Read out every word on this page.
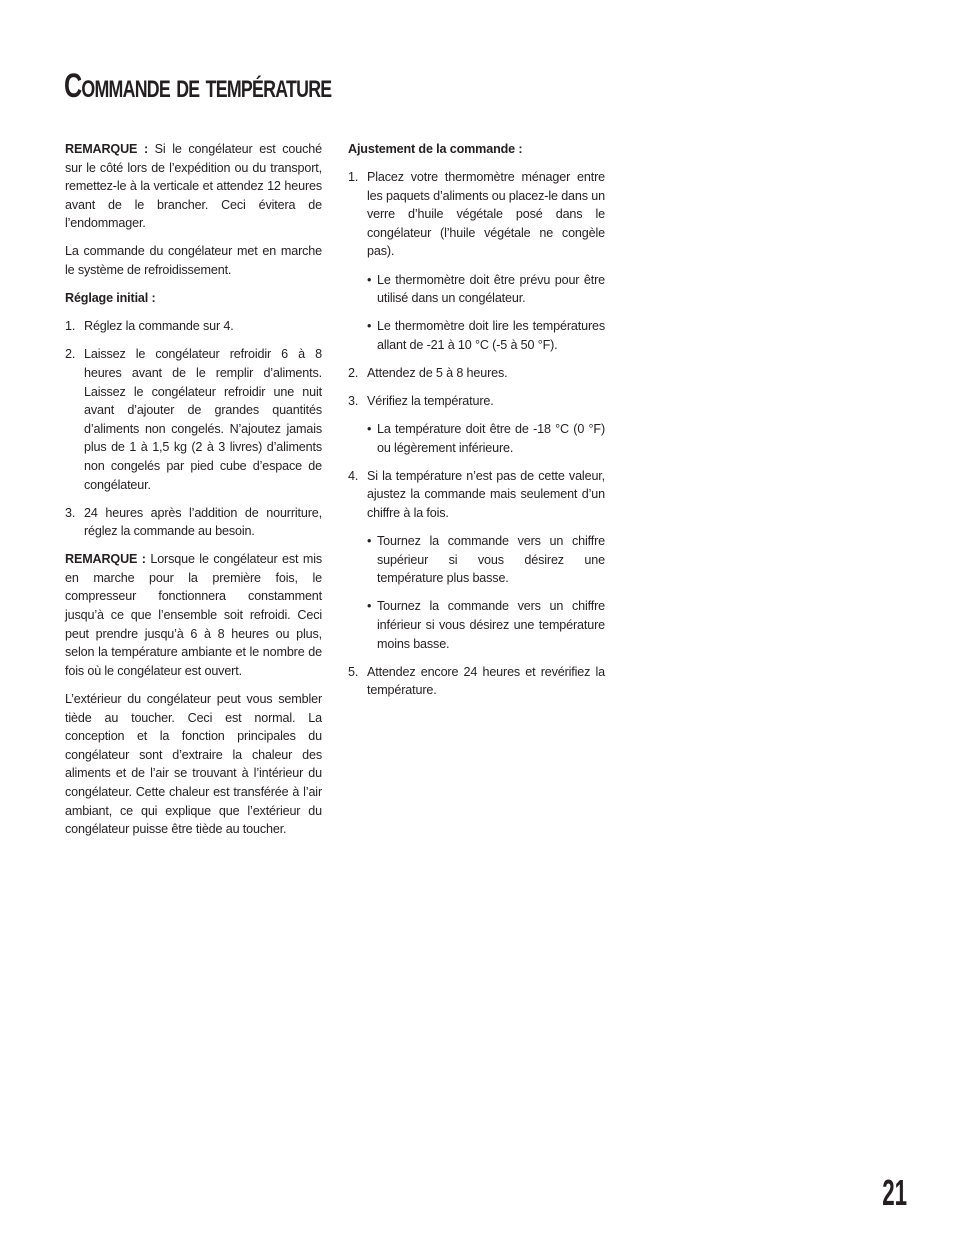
Commande de température

REMARQUE : Si le congélateur est couché sur le côté lors de l’expédition ou du transport, remettez-le à la verticale et attendez 12 heures avant de le brancher. Ceci évitera de l’endommager.

La commande du congélateur met en marche le système de refroidissement.

Réglage initial :

1. Réglez la commande sur 4.
2. Laissez le congélateur refroidir 6 à 8 heures avant de le remplir d’aliments. Laissez le congélateur refroidir une nuit avant d’ajouter de grandes quantités d’aliments non congelés. N’ajoutez jamais plus de 1 à 1,5 kg (2 à 3 livres) d’aliments non congelés par pied cube d’espace de congélateur.
3. 24 heures après l’addition de nourriture, réglez la commande au besoin.

REMARQUE : Lorsque le congélateur est mis en marche pour la première fois, le compresseur fonctionnera constamment jusqu’à ce que l’ensemble soit refroidi. Ceci peut prendre jusqu’à 6 à 8 heures ou plus, selon la température ambiante et le nombre de fois où le congélateur est ouvert.

L’extérieur du congélateur peut vous sembler tiède au toucher. Ceci est normal. La conception et la fonction principales du congélateur sont d’extraire la chaleur des aliments et de l’air se trouvant à l’intérieur du congélateur. Cette chaleur est transférée à l’air ambiant, ce qui explique que l’extérieur du congélateur puisse être tiède au toucher.

Ajustement de la commande :

1. Placez votre thermomètre ménager entre les paquets d’aliments ou placez-le dans un verre d’huile végétale posé dans le congélateur (l’huile végétale ne congèle pas).
• Le thermomètre doit être prévu pour être utilisé dans un congélateur.
• Le thermomètre doit lire les températures allant de -21 à 10 °C (-5 à 50 °F).
2. Attendez de 5 à 8 heures.
3. Vérifiez la température.
• La température doit être de -18 °C (0 °F) ou légèrement inférieure.
4. Si la température n’est pas de cette valeur, ajustez la commande mais seulement d’un chiffre à la fois.
• Tournez la commande vers un chiffre supérieur si vous désirez une température plus basse.
• Tournez la commande vers un chiffre inférieur si vous désirez une température moins basse.
5. Attendez encore 24 heures et revérifiez la température.
21
